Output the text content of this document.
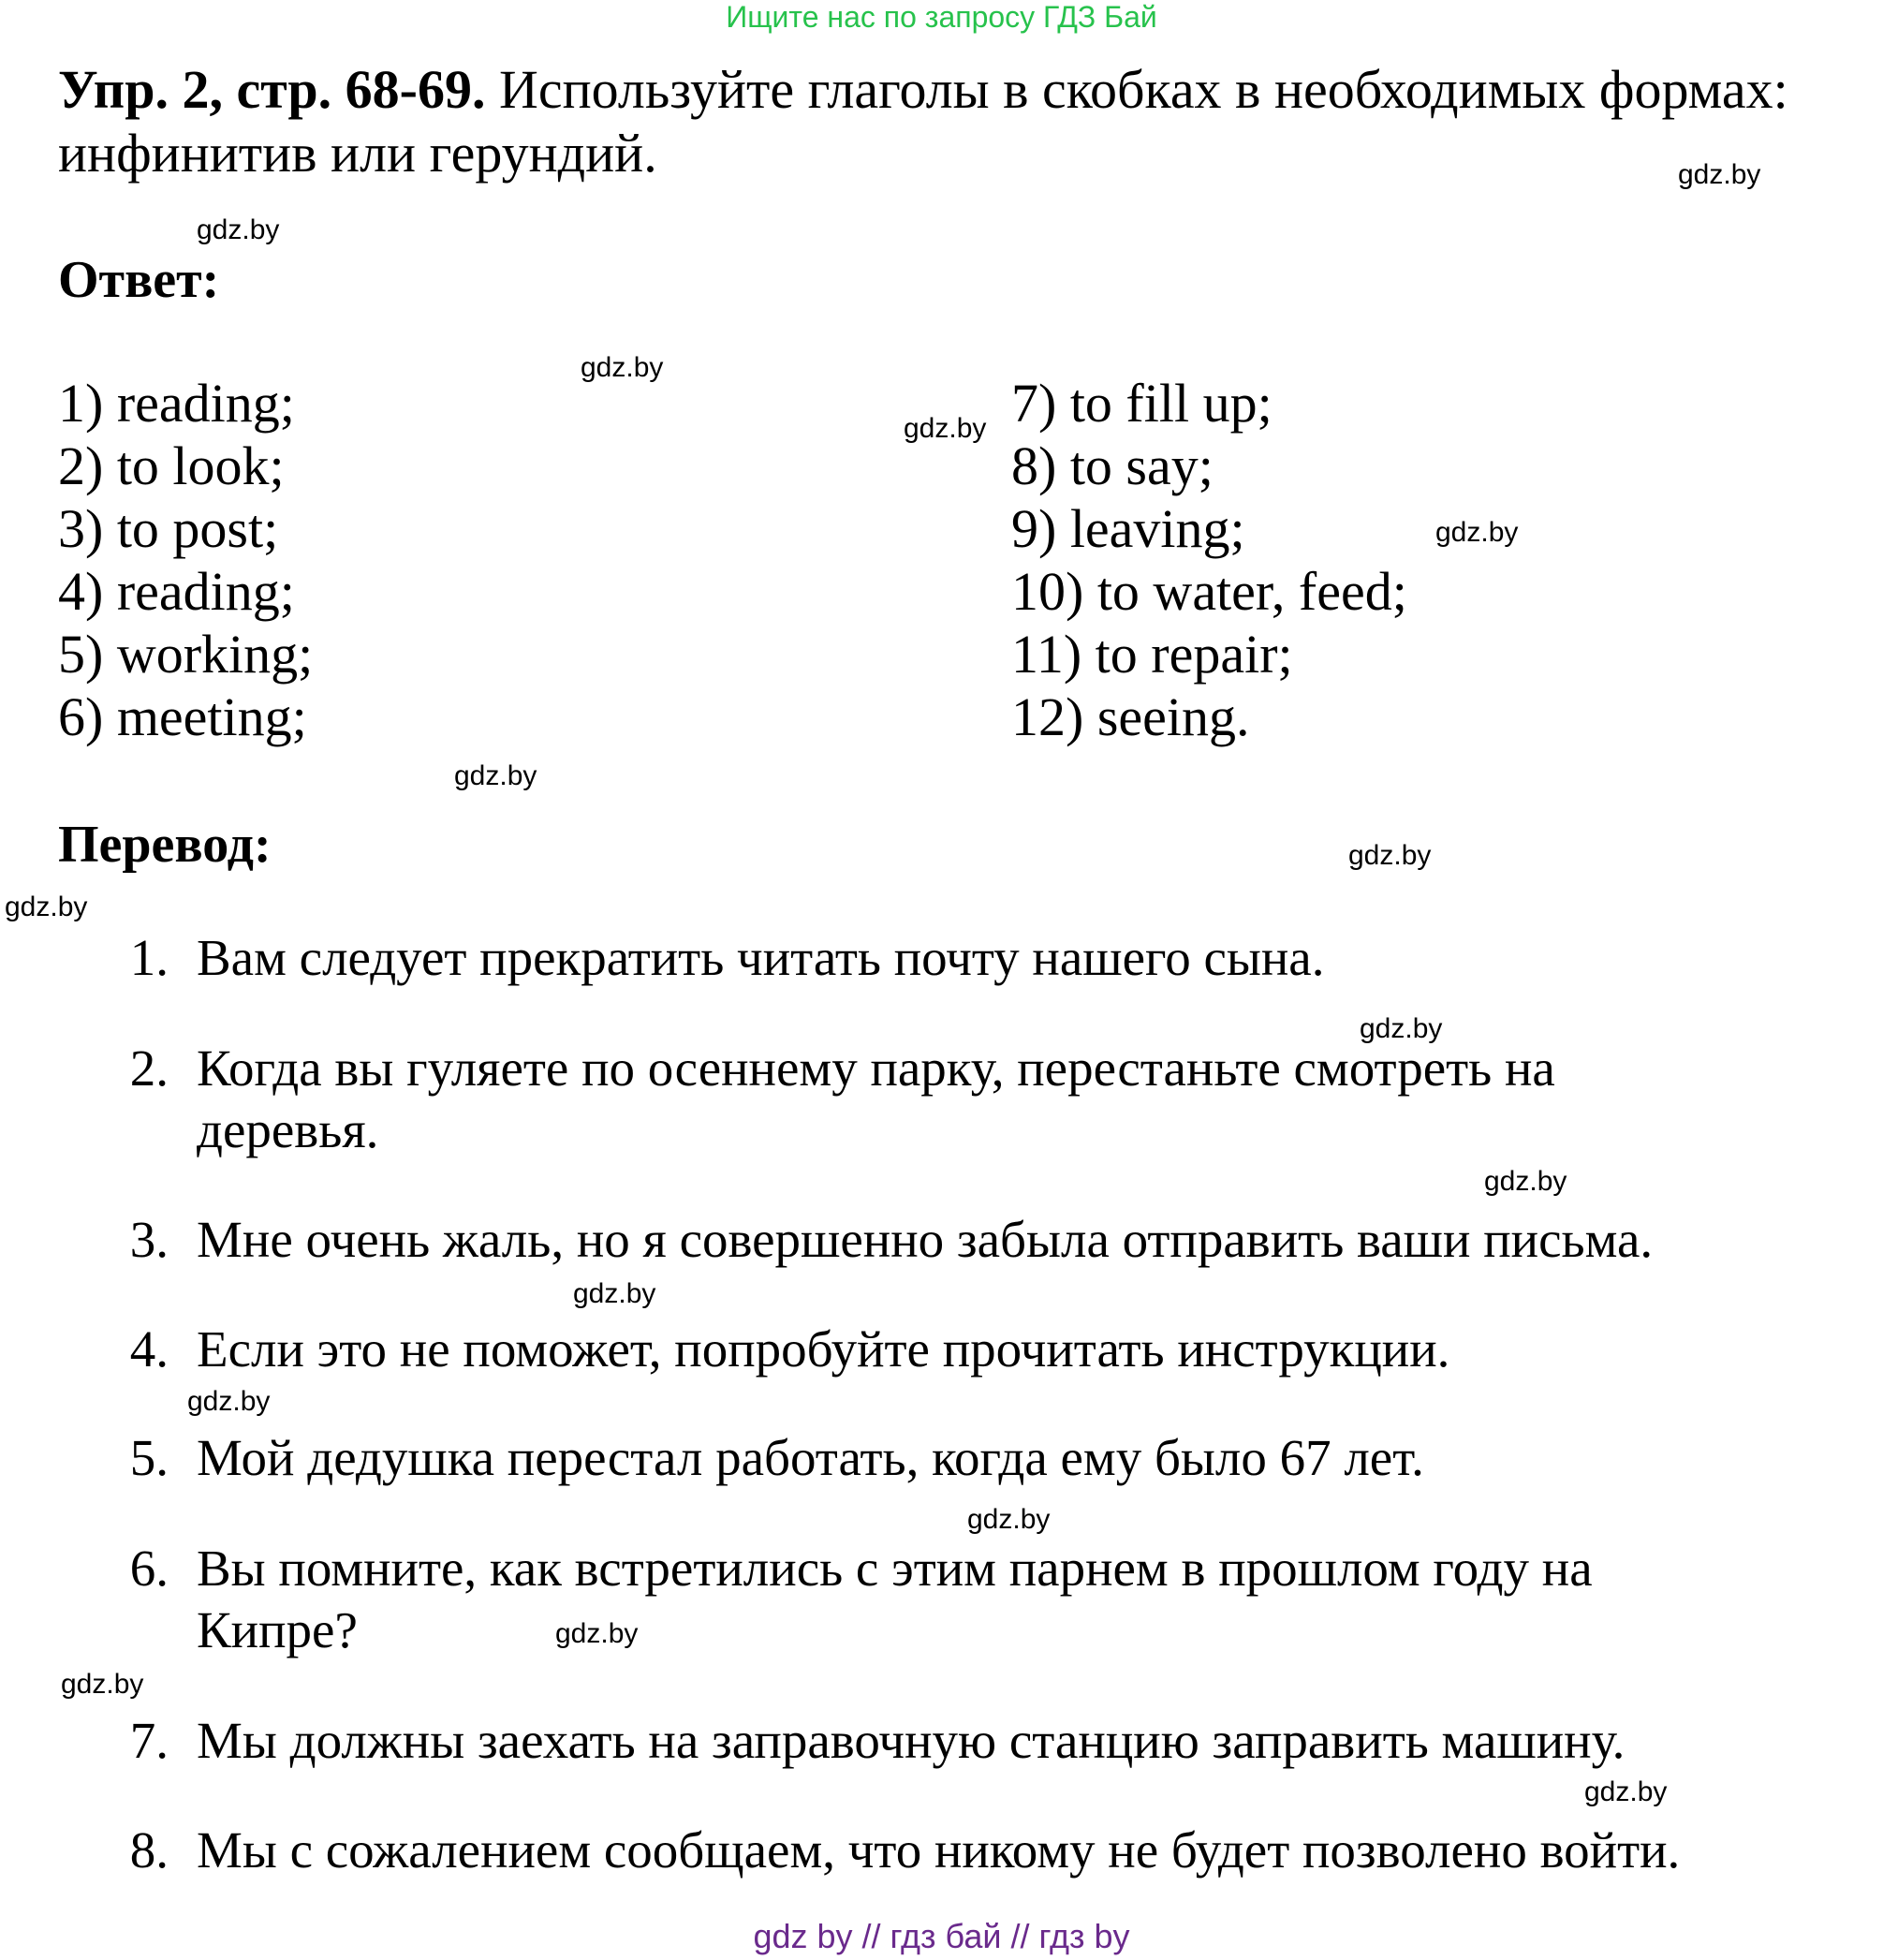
Ищите нас по запросу ГДЗ Бай
Упр. 2, стр. 68-69. Используйте глаголы в скобках в необходимых формах: инфинитив или герундий.
Ответ:
1) reading;
2) to look;
3) to post;
4) reading;
5) working;
6) meeting;
7) to fill up;
8) to say;
9) leaving;
10) to water, feed;
11) to repair;
12) seeing.
Перевод:
1. Вам следует прекратить читать почту нашего сына.
2. Когда вы гуляете по осеннему парку, перестаньте смотреть на деревья.
3. Мне очень жаль, но я совершенно забыла отправить ваши письма.
4. Если это не поможет, попробуйте прочитать инструкции.
5. Мой дедушка перестал работать, когда ему было 67 лет.
6. Вы помните, как встретились с этим парнем в прошлом году на Кипре?
7. Мы должны заехать на заправочную станцию заправить машину.
8. Мы с сожалением сообщаем, что никому не будет позволено войти.
gdz.by
gdz.by
gdz.by
gdz.by
gdz.by
gdz.by
gdz.by
gdz.by
gdz.by
gdz.by
gdz.by
gdz.by
gdz.by
gdz.by
gdz.by
gdz.by
gdz by // гдз бай // гдз by
